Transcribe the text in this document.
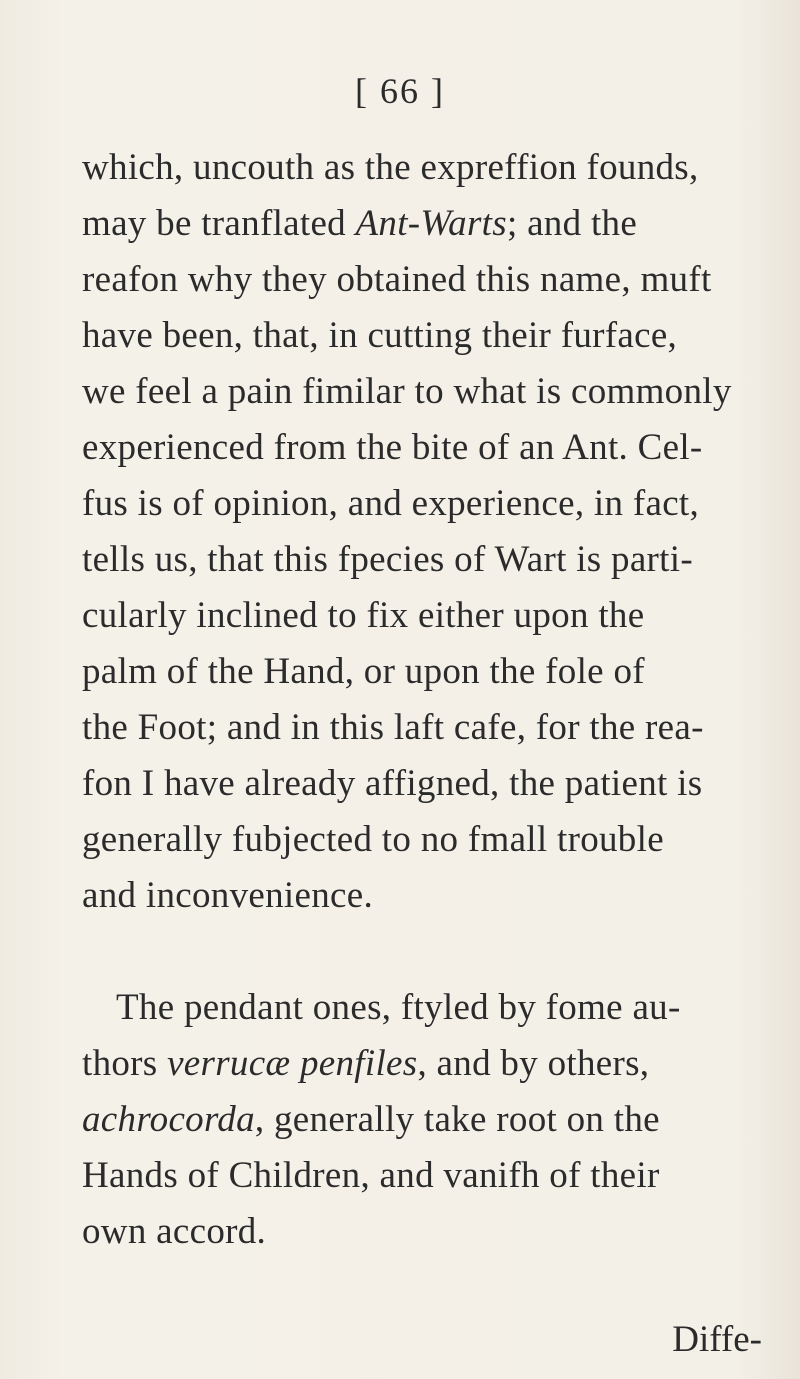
[ 66 ]

which, uncouth as the expreffion founds,
may be tranflated Ant-Warts; and the
reafon why they obtained this name, muft
have been, that, in cutting their furface,
we feel a pain fimilar to what is commonly
experienced from the bite of an Ant. Cel-
fus is of opinion, and experience, in fact,
tells us, that this fpecies of Wart is parti-
cularly inclined to fix either upon the
palm of the Hand, or upon the fole of
the Foot; and in this laft cafe, for the rea-
fon I have already affigned, the patient is
generally fubjected to no fmall trouble
and inconvenience.

The pendant ones, ftyled by fome au-
thors verrucæ penfiles, and by others,
achrocorda, generally take root on the
Hands of Children, and vanifh of their
own accord.

Diffe-
